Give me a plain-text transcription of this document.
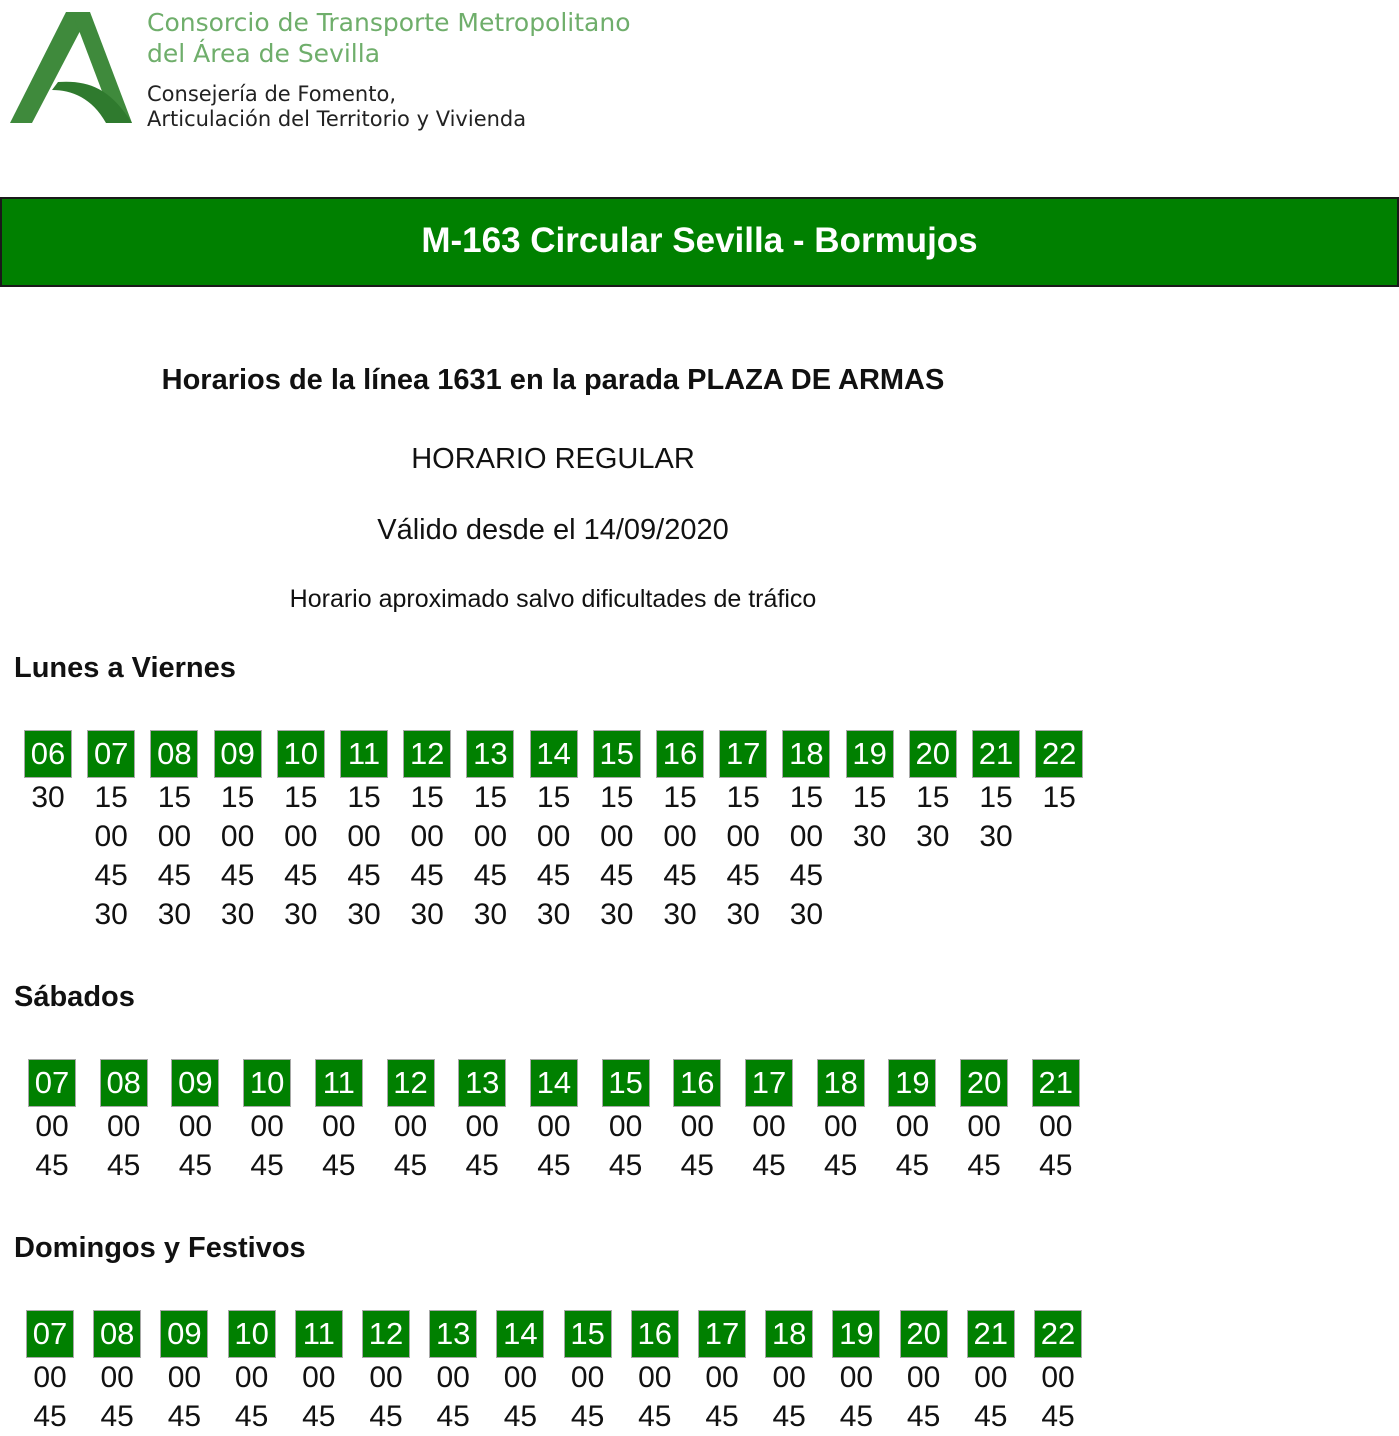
Consorcio de Transporte Metropolitano
del Área de Sevilla
Consejería de Fomento,
Articulación del Territorio y Vivienda
M-163 Circular Sevilla - Bormujos
Horarios de la línea 1631 en la parada PLAZA DE ARMAS
HORARIO REGULAR
Válido desde el 14/09/2020
Horario aproximado salvo dificultades de tráfico
Lunes a Viernes
06
30
07
15
00
45
30
08
15
00
45
30
09
15
00
45
30
10
15
00
45
30
11
15
00
45
30
12
15
00
45
30
13
15
00
45
30
14
15
00
45
30
15
15
00
45
30
16
15
00
45
30
17
15
00
45
30
18
15
00
45
30
19
15
30
20
15
30
21
15
30
22
15
Sábados
07
00
45
08
00
45
09
00
45
10
00
45
11
00
45
12
00
45
13
00
45
14
00
45
15
00
45
16
00
45
17
00
45
18
00
45
19
00
45
20
00
45
21
00
45
Domingos y Festivos
07
00
45
08
00
45
09
00
45
10
00
45
11
00
45
12
00
45
13
00
45
14
00
45
15
00
45
16
00
45
17
00
45
18
00
45
19
00
45
20
00
45
21
00
45
22
00
45
